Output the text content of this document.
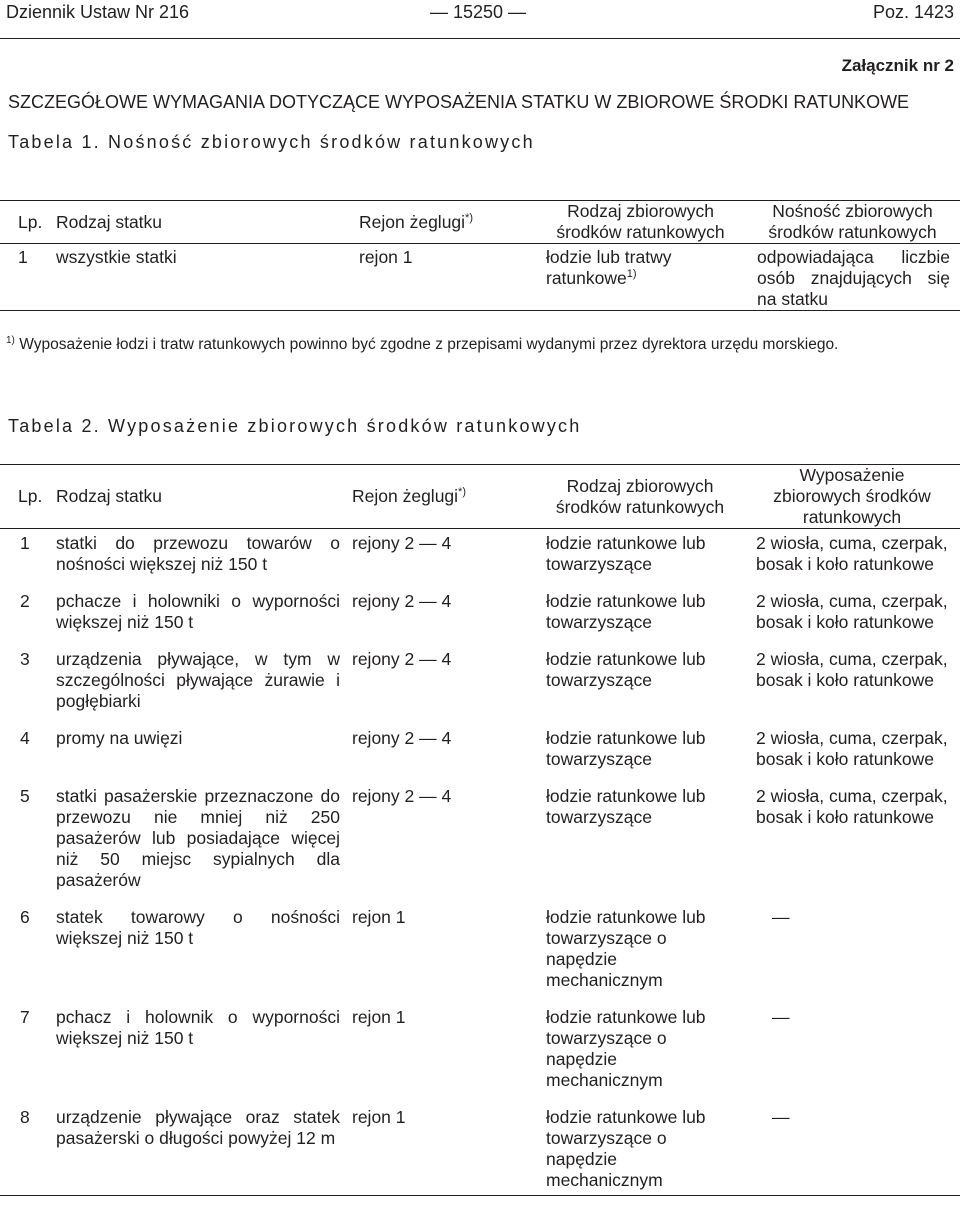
Dziennik Ustaw Nr 216	— 15250 —	Poz. 1423
Załącznik nr 2
SZCZEGÓŁOWE WYMAGANIA DOTYCZĄCE WYPOSAŻENIA STATKU W ZBIOROWE ŚRODKI RATUNKOWE
Tabela 1. Nośność zbiorowych środków ratunkowych
Lp.	Rodzaj statku	Rejon żeglugi*)	Rodzaj zbiorowych środków ratunkowych	Nośność zbiorowych środków ratunkowych

1	wszystkie statki	rejon 1	łodzie lub tratwy ratunkowe$^{1)}$	odpowiadająca liczbie osób znajdujących się na statku
$^{1)}$ Wyposażenie łodzi i tratw ratunkowych powinno być zgodne z przepisami wydanymi przez dyrektora urzędu morskiego.
Tabela 2. Wyposażenie zbiorowych środków ratunkowych
Lp.	Rodzaj statku	Rejon żeglugi*)	Rodzaj zbiorowych środków ratunkowych	Wyposażenie zbiorowych środków ratunkowych

1	statki do przewozu towarów o nośności większej niż 150 t	rejony 2 — 4	łodzie ratunkowe lub towarzyszące	2 wiosła, cuma, czerpak, bosak i koło ratunkowe

2	pchacze i holowniki o wyporności większej niż 150 t	rejony 2 — 4	łodzie ratunkowe lub towarzyszące	2 wiosła, cuma, czerpak, bosak i koło ratunkowe

3	urządzenia pływające, w tym w szczególności pływające żurawie i pogłębiarki	rejony 2 — 4	łodzie ratunkowe lub towarzyszące	2 wiosła, cuma, czerpak, bosak i koło ratunkowe

4	promy na uwięzi	rejony 2 — 4	łodzie ratunkowe lub towarzyszące	2 wiosła, cuma, czerpak, bosak i koło ratunkowe

5	statki pasażerskie przeznaczone do przewozu nie mniej niż 250 pasażerów lub posiadające więcej niż 50 miejsc sypialnych dla pasażerów	rejony 2 — 4	łodzie ratunkowe lub towarzyszące	2 wiosła, cuma, czerpak, bosak i koło ratunkowe

6	statek towarowy o nośności większej niż 150 t	rejon 1	łodzie ratunkowe lub towarzyszące o napędzie mechanicznym	—

7	pchacz i holownik o wyporności większej niż 150 t	rejon 1	łodzie ratunkowe lub towarzyszące o napędzie mechanicznym	—

8	urządzenie pływające oraz statek pasażerski o długości powyżej 12 m	rejon 1	łodzie ratunkowe lub towarzyszące o napędzie mechanicznym	—
